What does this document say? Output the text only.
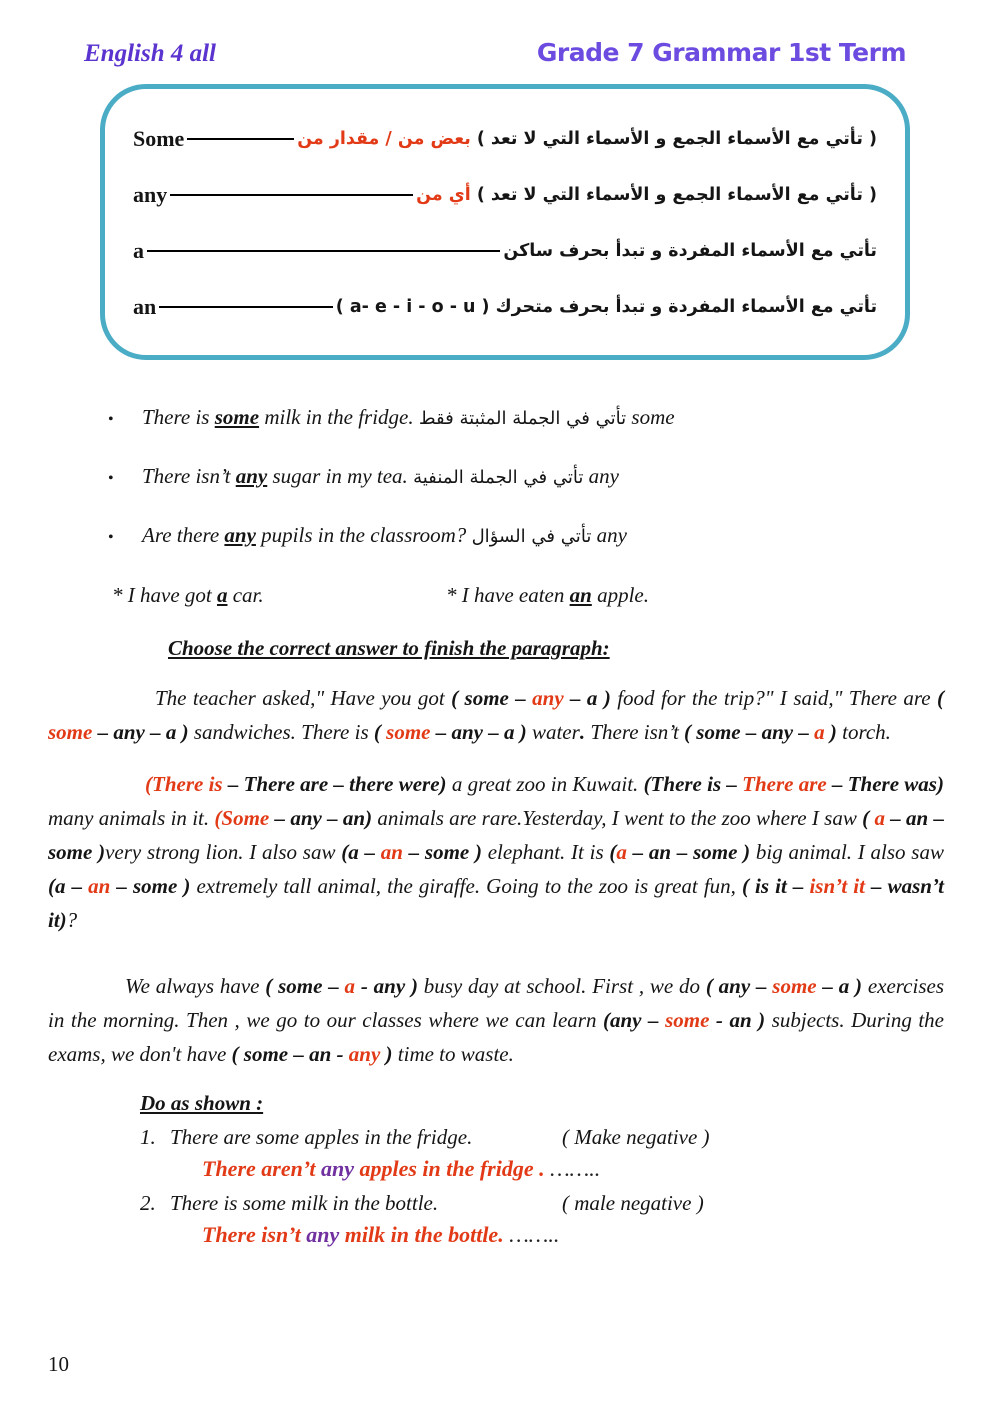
English 4 all	Grade 7 Grammar 1st Term
Some	( تأتي مع الأسماء الجمع و الأسماء التي لا تعد ) بعض من / مقدار من
any	( تأتي مع الأسماء الجمع و الأسماء التي لا تعد ) أي من
a	تأتي مع الأسماء المفردة و تبدأ بحرف ساكن
an	تأتي مع الأسماء المفردة و تبدأ بحرف متحرك ( a- e - i - o - u )
•	There is some milk in the fridge. تأتي في الجملة المثبتة فقط some
•	There isn’t any sugar in my tea. تأتي في الجملة المنفية any
•	Are there any pupils in the classroom? تأتي في السؤال any
* I have got a car.	* I have eaten an apple.
Choose the correct answer to finish the paragraph:
The teacher asked," Have you got ( some – any – a ) food for the trip?" I said," There are ( some – any – a ) sandwiches. There is ( some – any – a ) water. There isn’t ( some – any – a ) torch.
(There is – There are – there were) a great zoo in Kuwait. (There is – There are – There was) many animals in it. (Some – any – an) animals are rare.Yesterday, I went to the zoo where I saw ( a – an – some )very strong lion. I also saw (a – an – some ) elephant. It is (a – an – some ) big animal. I also saw (a – an – some ) extremely tall animal, the giraffe. Going to the zoo is great fun, ( is it – isn’t it – wasn’t it)?
We always have ( some – a - any ) busy day at school. First , we do ( any – some – a ) exercises in the morning. Then , we go to our classes where we can learn (any – some - an ) subjects. During the exams, we don't have ( some – an - any ) time to waste.
Do as shown :
1. There are some apples in the fridge.	( Make negative )
There aren’t any apples in the fridge . ……..
2. There is some milk in the bottle.	( male negative )
There isn’t any milk in the bottle. ……..
10
